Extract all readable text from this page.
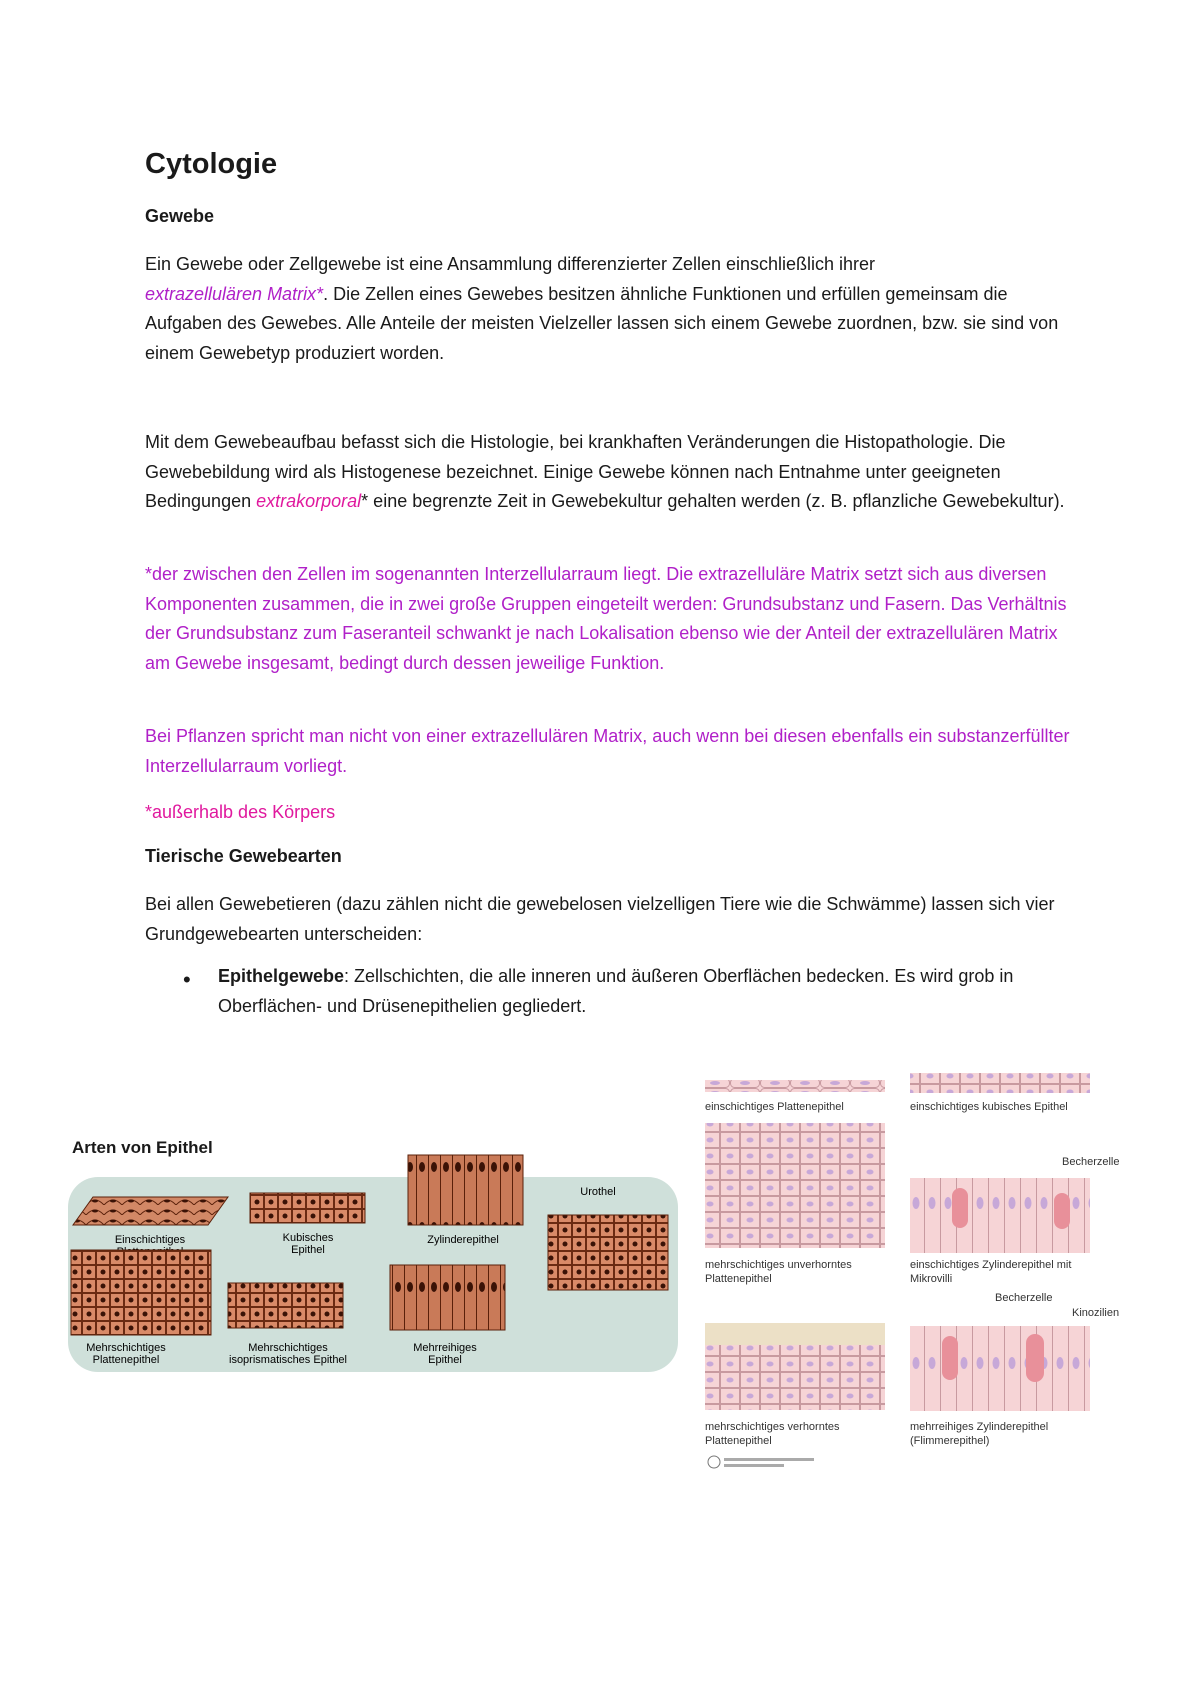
Cytologie
Gewebe

Ein Gewebe oder Zellgewebe ist eine Ansammlung differenzierter Zellen einschließlich ihrer
extrazellulären Matrix*. Die Zellen eines Gewebes besitzen ähnliche Funktionen und erfüllen gemeinsam die Aufgaben des Gewebes. Alle Anteile der meisten Vielzeller lassen sich einem Gewebe zuordnen, bzw. sie sind von einem Gewebetyp produziert worden.

Mit dem Gewebeaufbau befasst sich die Histologie, bei krankhaften Veränderungen die Histopathologie. Die Gewebebildung wird als Histogenese bezeichnet. Einige Gewebe können nach Entnahme unter geeigneten Bedingungen extrakorporal* eine begrenzte Zeit in Gewebekultur gehalten werden (z. B. pflanzliche Gewebekultur).

*der zwischen den Zellen im sogenannten Interzellularraum liegt. Die extrazelluläre Matrix setzt sich aus diversen Komponenten zusammen, die in zwei große Gruppen eingeteilt werden: Grundsubstanz und Fasern. Das Verhältnis der Grundsubstanz zum Faseranteil schwankt je nach Lokalisation ebenso wie der Anteil der extrazellulären Matrix am Gewebe insgesamt, bedingt durch dessen jeweilige Funktion.

Bei Pflanzen spricht man nicht von einer extrazellulären Matrix, auch wenn bei diesen ebenfalls ein substanzerfüllter Interzellularraum vorliegt.

*außerhalb des Körpers

Tierische Gewebearten

Bei allen Gewebetieren (dazu zählen nicht die gewebelosen vielzelligen Tiere wie die Schwämme) lassen sich vier Grundgewebearten unterscheiden:

• Epithelgewebe: Zellschichten, die alle inneren und äußeren Oberflächen bedecken. Es wird grob in Oberflächen- und Drüsenepithelien gegliedert.

Arten von Epithel
Einschichtiges	Kubisches
Epithel
Zylinderepithel
Urothel
Mehrschichtiges
Plattenepithel
Mehrschichtiges
isoprismatisches Epithel
Mehrreihiges
Epithel
einschichtiges Plattenepithel	einschichtiges kubisches Epithel
mehrschichtiges unverhorntes
Plattenepithel
Becherzelle
einschichtiges Zylinderepithel mit
Mikrovilli
mehrschichtiges verhorntes
Plattenepithel
Becherzelle
Kinozilien
mehrreihiges Zylinderepithel
(Flimmerepithel)
